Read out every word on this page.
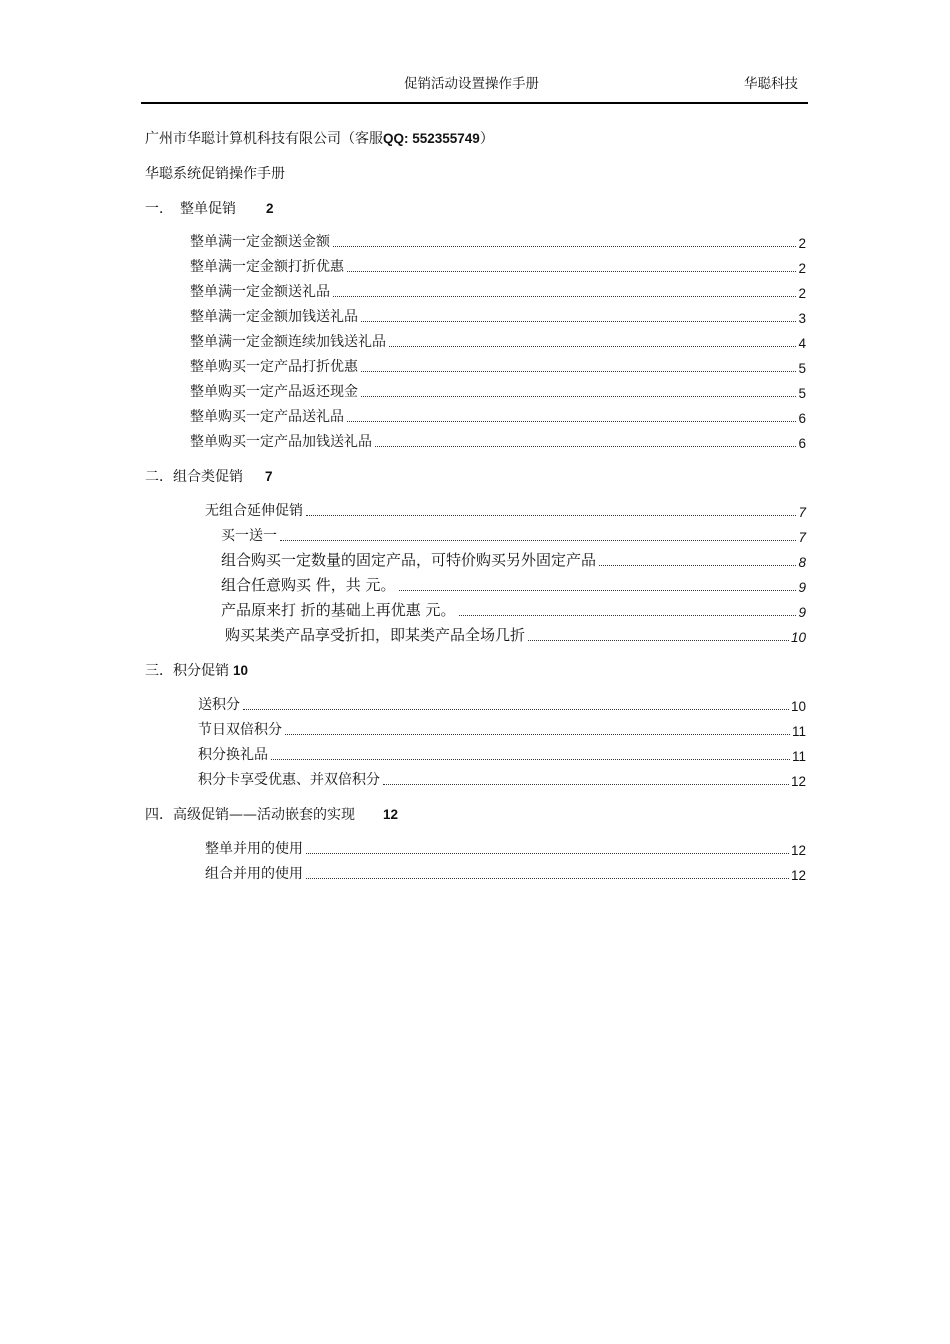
促销活动设置操作手册	华聪科技
广州市华聪计算机科技有限公司（客服QQ: 552355749）
华聪系统促销操作手册
一．　整单促销 2
整单满一定金额送金额	2
整单满一定金额打折优惠	2
整单满一定金额送礼品	2
整单满一定金额加钱送礼品	3
整单满一定金额连续加钱送礼品	4
整单购买一定产品打折优惠	5
整单购买一定产品返还现金	5
整单购买一定产品送礼品	6
整单购买一定产品加钱送礼品	6
二．组合类促销 7
无组合延伸促销	7
买一送一	7
组合购买一定数量的固定产品，可特价购买另外固定产品	8
组合任意购买 件，共 元。	9
产品原来打 折的基础上再优惠 元。	9
购买某类产品享受折扣，即某类产品全场几折	10
三．积分促销 10
送积分	10
节日双倍积分	11
积分换礼品	11
积分卡享受优惠、并双倍积分	12
四．高级促销——活动嵌套的实现 12
整单并用的使用	12
组合并用的使用	12
